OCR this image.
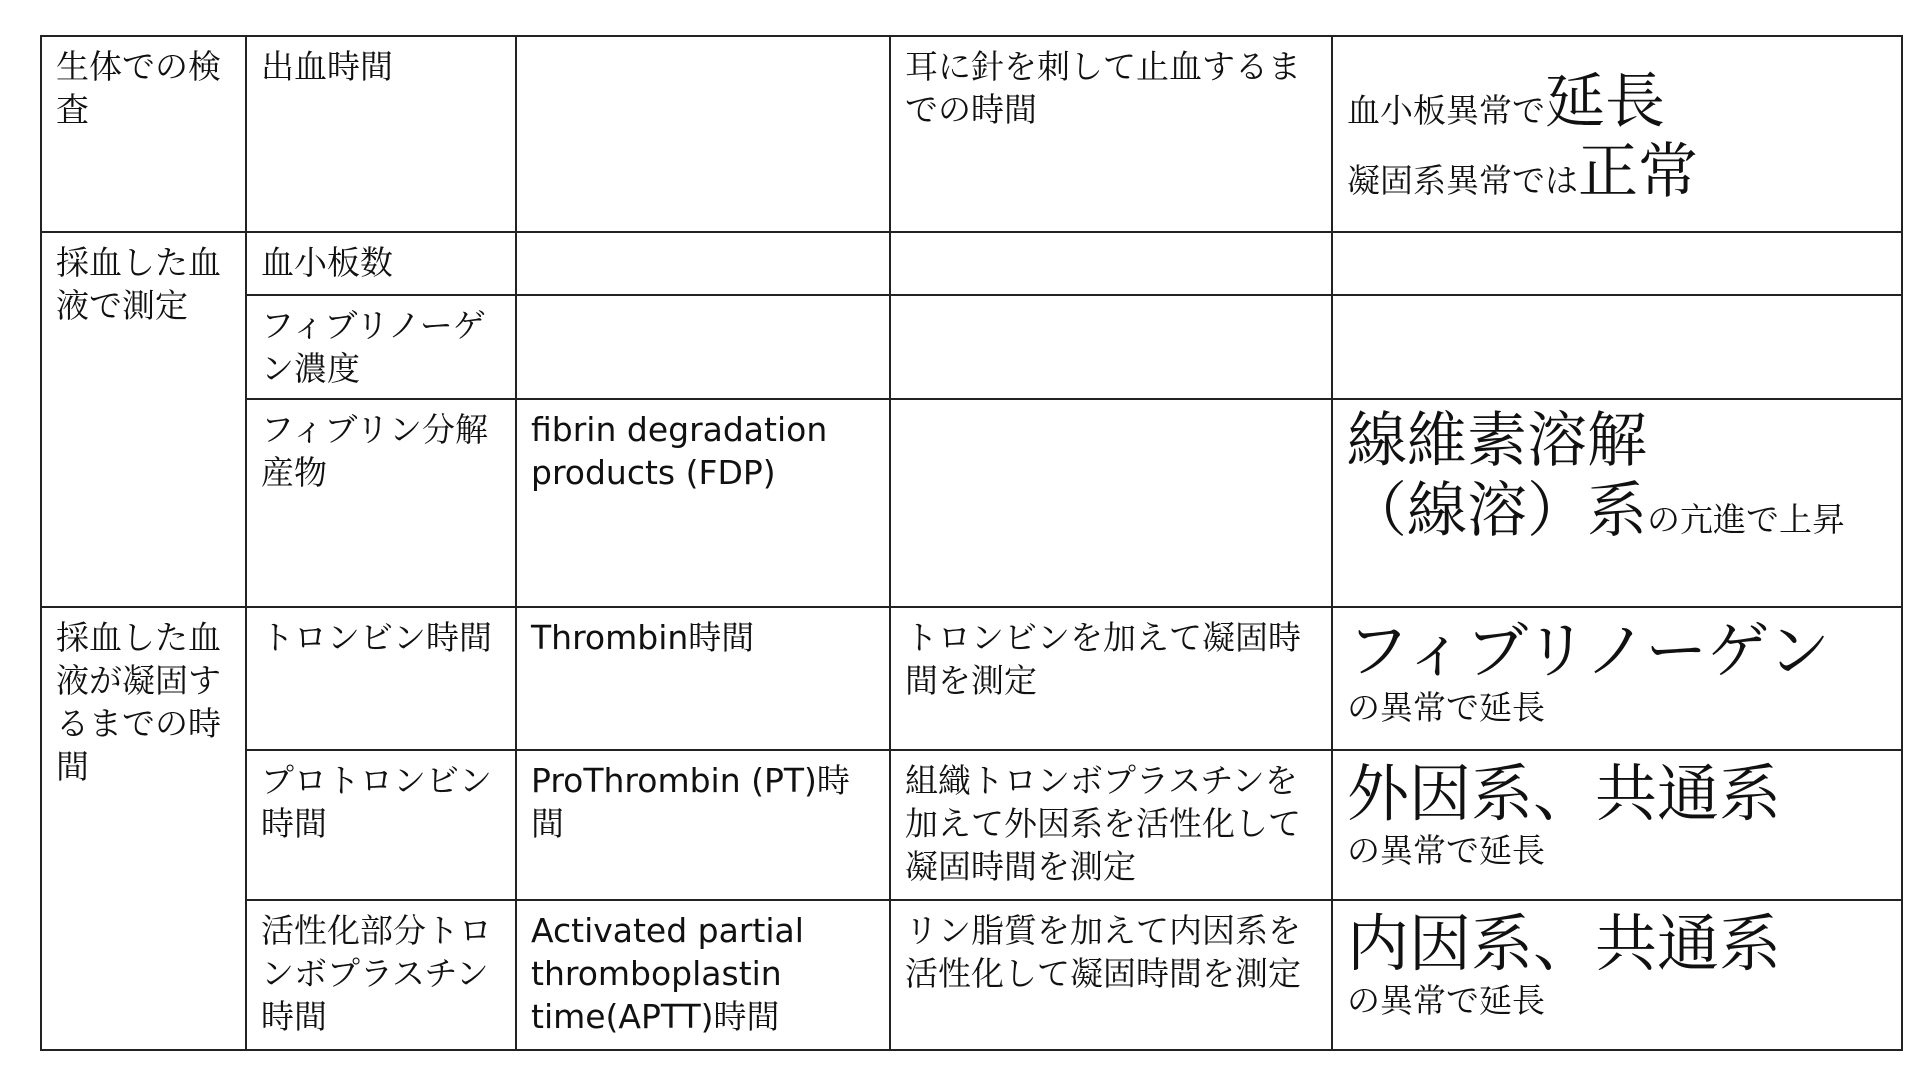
生体での検査	出血時間		耳に針を刺して止血するまでの時間	血小板異常で延長
凝固系異常では正常

採血した血液で測定	血小板数			
	フィブリノーゲン濃度			
	フィブリン分解産物	fibrin degradation products (FDP)		線維素溶解
（線溶）系の亢進で上昇

採血した血液が凝固するまでの時間	トロンビン時間	Thrombin時間	トロンビンを加えて凝固時間を測定	フィブリノーゲン
の異常で延長

	プロトロンビン時間	ProThrombin (PT)時間	組織トロンボプラスチンを加えて外因系を活性化して凝固時間を測定	外因系、共通系
の異常で延長

	活性化部分トロンボプラスチン時間	Activated partial thromboplastin time(APTT)時間	リン脂質を加えて内因系を活性化して凝固時間を測定	内因系、共通系
の異常で延長
